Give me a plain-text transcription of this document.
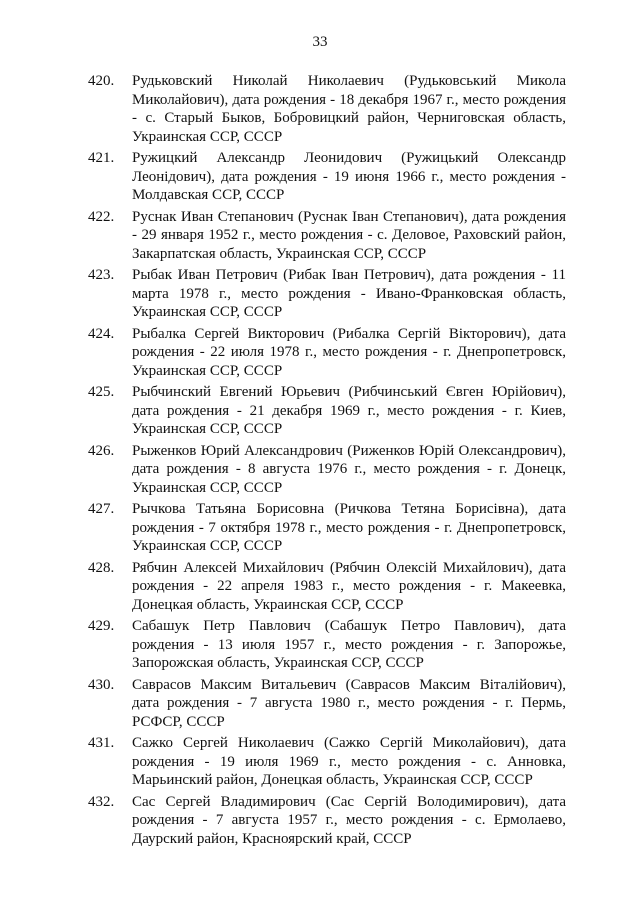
33
420.	Рудьковский Николай Николаевич (Рудьковський Микола Миколайович), дата рождения - 18 декабря 1967 г., место рождения - с. Старый Быков, Бобровицкий район, Черниговская область, Украинская ССР, СССР
421.	Ружицкий Александр Леонидович (Ружицький Олександр Леонідович), дата рождения - 19 июня 1966 г., место рождения - Молдавская ССР, СССР
422.	Руснак Иван Степанович (Руснак Іван Степанович), дата рождения - 29 января 1952 г., место рождения - с. Деловое, Раховский район, Закарпатская область, Украинская ССР, СССР
423.	Рыбак Иван Петрович (Рибак Іван Петрович), дата рождения - 11 марта 1978 г., место рождения - Ивано-Франковская область, Украинская ССР, СССР
424.	Рыбалка Сергей Викторович (Рибалка Сергій Вікторович), дата рождения - 22 июля 1978 г., место рождения - г. Днепропетровск, Украинская ССР, СССР
425.	Рыбчинский Евгений Юрьевич (Рибчинський Євген Юрійович), дата рождения - 21 декабря 1969 г., место рождения - г. Киев, Украинская ССР, СССР
426.	Рыженков Юрий Александрович (Риженков Юрій Олександрович), дата рождения - 8 августа 1976 г., место рождения - г. Донецк, Украинская ССР, СССР
427.	Рычкова Татьяна Борисовна (Ричкова Тетяна Борисівна), дата рождения - 7 октября 1978 г., место рождения - г. Днепропетровск, Украинская ССР, СССР
428.	Рябчин Алексей Михайлович (Рябчин Олексій Михайлович), дата рождения - 22 апреля 1983 г., место рождения - г. Макеевка, Донецкая область, Украинская ССР, СССР
429.	Сабашук Петр Павлович (Сабашук Петро Павлович), дата рождения - 13 июля 1957 г., место рождения - г. Запорожье, Запорожская область, Украинская ССР, СССР
430.	Саврасов Максим Витальевич (Саврасов Максим Віталійович), дата рождения - 7 августа 1980 г., место рождения - г. Пермь, РСФСР, СССР
431.	Сажко Сергей Николаевич (Сажко Сергій Миколайович), дата рождения - 19 июля 1969 г., место рождения - с. Анновка, Марьинский район, Донецкая область, Украинская ССР, СССР
432.	Сас Сергей Владимирович (Сас Сергій Володимирович), дата рождения - 7 августа 1957 г., место рождения - с. Ермолаево, Даурский район, Красноярский край, СССР
